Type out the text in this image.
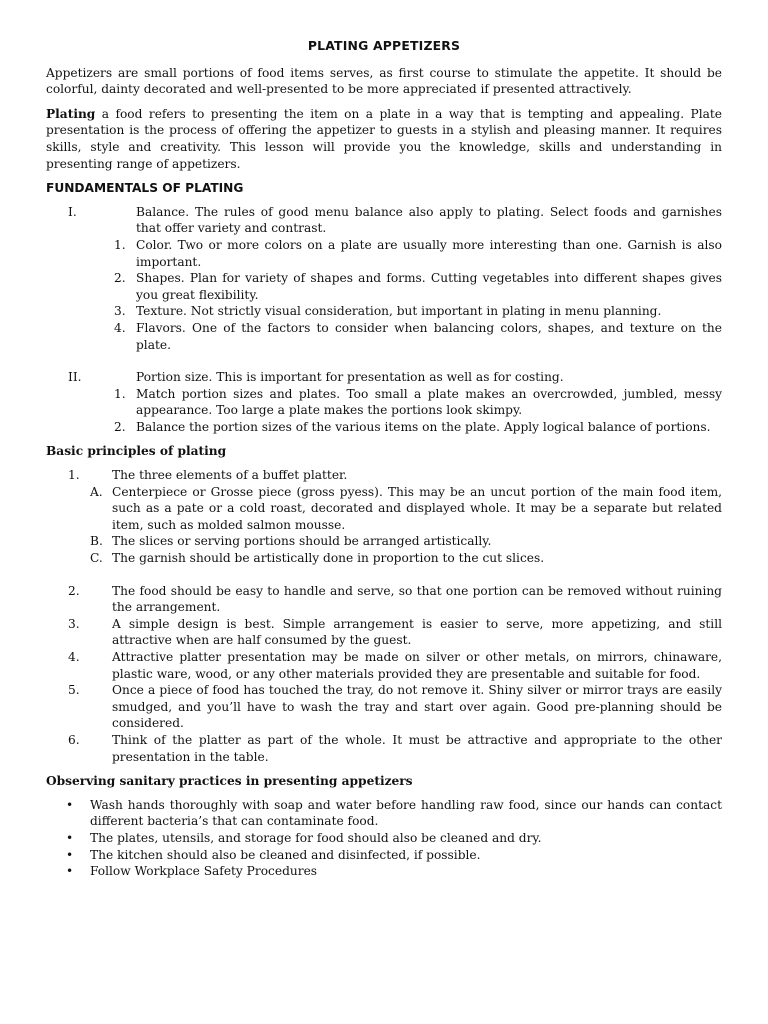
PLATING APPETIZERS

Appetizers are small portions of food items serves, as first course to stimulate the appetite. It should be colorful, dainty decorated and well-presented to be more appreciated if presented attractively.

Plating a food refers to presenting the item on a plate in a way that is tempting and appealing. Plate presentation is the process of offering the appetizer to guests in a stylish and pleasing manner. It requires skills, style and creativity. This lesson will provide you the knowledge, skills and understanding in presenting range of appetizers.

FUNDAMENTALS OF PLATING
I.	Balance. The rules of good menu balance also apply to plating. Select foods and garnishes that offer variety and contrast.
1. Color. Two or more colors on a plate are usually more interesting than one. Garnish is also important.
2. Shapes. Plan for variety of shapes and forms. Cutting vegetables into different shapes gives you great flexibility.
3. Texture. Not strictly visual consideration, but important in plating in menu planning.
4. Flavors. One of the factors to consider when balancing colors, shapes, and texture on the plate.
II.	Portion size. This is important for presentation as well as for costing.
1. Match portion sizes and plates. Too small a plate makes an overcrowded, jumbled, messy appearance. Too large a plate makes the portions look skimpy.
2. Balance the portion sizes of the various items on the plate. Apply logical balance of portions.
Basic principles of plating
1.	The three elements of a buffet platter.
A. Centerpiece or Grosse piece (gross pyess). This may be an uncut portion of the main food item, such as a pate or a cold roast, decorated and displayed whole. It may be a separate but related item, such as molded salmon mousse.
B. The slices or serving portions should be arranged artistically.
C. The garnish should be artistically done in proportion to the cut slices.
2.	The food should be easy to handle and serve, so that one portion can be removed without ruining the arrangement.
3.	A simple design is best. Simple arrangement is easier to serve, more appetizing, and still attractive when are half consumed by the guest.
4.	Attractive platter presentation may be made on silver or other metals, on mirrors, chinaware, plastic ware, wood, or any other materials provided they are presentable and suitable for food.
5.	Once a piece of food has touched the tray, do not remove it. Shiny silver or mirror trays are easily smudged, and you’ll have to wash the tray and start over again. Good pre-planning should be considered.
6.	Think of the platter as part of the whole. It must be attractive and appropriate to the other presentation in the table.
Observing sanitary practices in presenting appetizers
•	Wash hands thoroughly with soap and water before handling raw food, since our hands can contact different bacteria’s that can contaminate food.
•	The plates, utensils, and storage for food should also be cleaned and dry.
•	The kitchen should also be cleaned and disinfected, if possible.
•	Follow Workplace Safety Procedures
